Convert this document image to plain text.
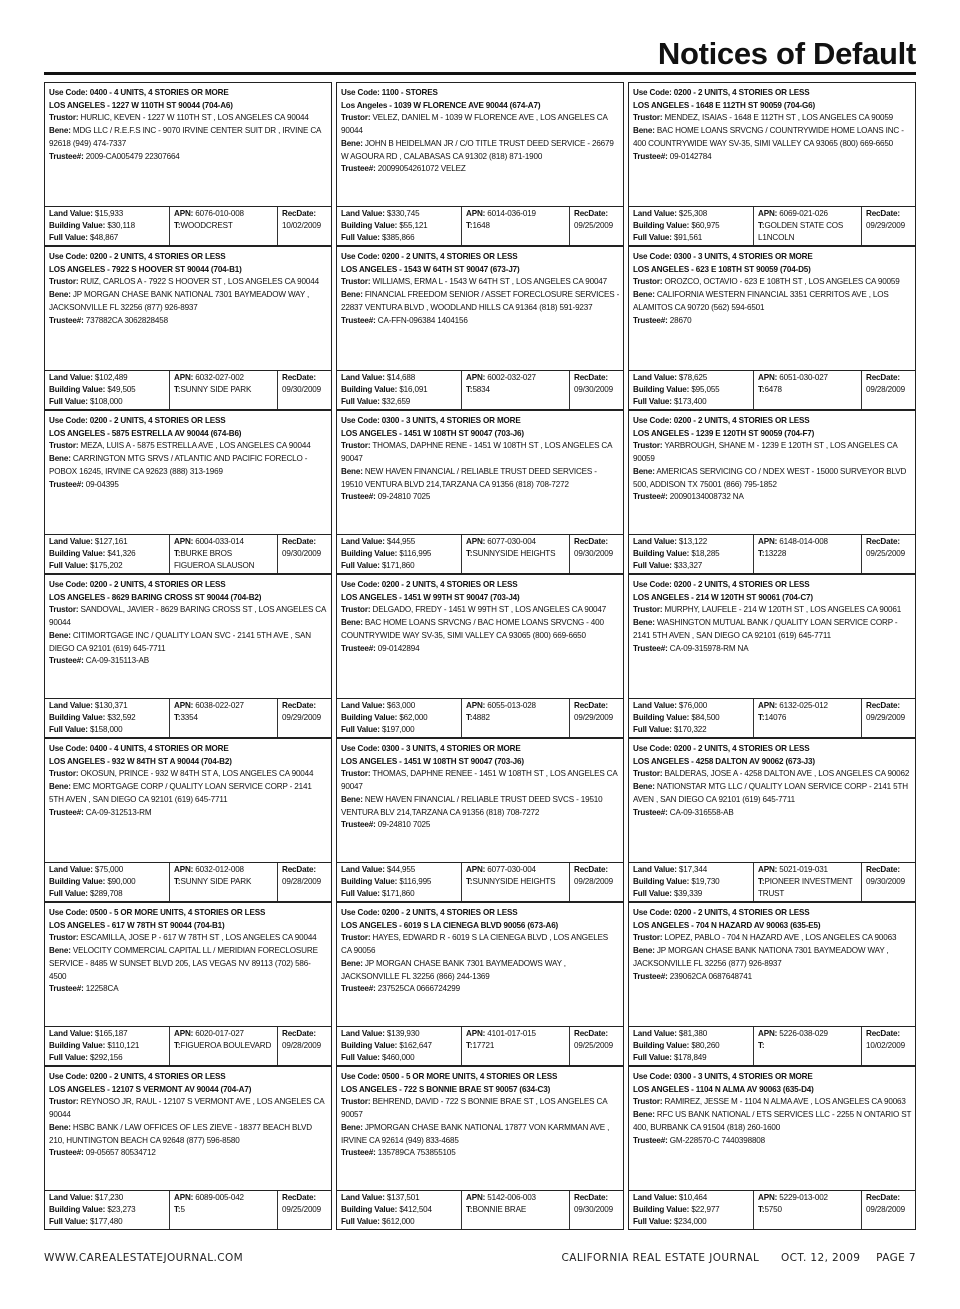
Notices of Default
Use Code: 0400 - 4 UNITS, 4 STORIES OR MORE
LOS ANGELES - 1227 W 110TH ST 90044 (704-A6)
Trustor: HURLIC, KEVEN - 1227 W 110TH ST , LOS ANGELES CA 90044
Bene: MDG LLC / R.E.F.S INC - 9070 IRVINE CENTER SUIT DR , IRVINE CA 92618 (949) 474-7337
Trustee#: 2009-CA005479 22307664
Land Value: $15,933
Building Value: $30,118
Full Value: $48,867
APN: 6076-010-008
T:WOODCREST
RecDate:
10/02/2009
Use Code: 1100 - STORES
Los Angeles - 1039 W FLORENCE AVE 90044 (674-A7)
Trustor: VELEZ, DANIEL M - 1039 W FLORENCE AVE , LOS ANGELES CA 90044
Bene: JOHN B HEIDELMAN JR / C/O TITLE TRUST DEED SERVICE - 26679 W AGOURA RD , CALABASAS CA 91302 (818) 871-1900
Trustee#: 20099054261072 VELEZ
Land Value: $330,745
Building Value: $55,121
Full Value: $385,866
APN: 6014-036-019
T:1648
RecDate:
09/25/2009
Use Code: 0200 - 2 UNITS, 4 STORIES OR LESS
LOS ANGELES - 1648 E 112TH ST 90059 (704-G6)
Trustor: MENDEZ, ISAIAS - 1648 E 112TH ST , LOS ANGELES CA 90059
Bene: BAC HOME LOANS SRVCNG / COUNTRYWIDE HOME LOANS INC - 400 COUNTRYWIDE WAY SV-35, SIMI VALLEY CA 93065 (800) 669-6650
Trustee#: 09-0142784
Land Value: $25,308
Building Value: $60,975
Full Value: $91,561
APN: 6069-021-026
T:GOLDEN STATE COS L1NCOLN
RecDate:
09/29/2009
Use Code: 0200 - 2 UNITS, 4 STORIES OR LESS
LOS ANGELES - 7922 S HOOVER ST 90044 (704-B1)
Trustor: RUIZ, CARLOS A - 7922 S HOOVER ST , LOS ANGELES CA 90044
Bene: JP MORGAN CHASE BANK NATIONAL 7301 BAYMEADOW WAY , JACKSONVILLE FL 32256 (877) 926-8937
Trustee#: 737882CA 3062828458
Land Value: $102,489
Building Value: $49,505
Full Value: $108,000
APN: 6032-027-002
T:SUNNY SIDE PARK
RecDate:
09/30/2009
Use Code: 0200 - 2 UNITS, 4 STORIES OR LESS
LOS ANGELES - 1543 W 64TH ST 90047 (673-J7)
Trustor: WILLIAMS, ERMA L - 1543 W 64TH ST , LOS ANGELES CA 90047
Bene: FINANCIAL FREEDOM SENIOR / ASSET FORECLOSURE SERVICES - 22837 VENTURA BLVD , WOODLAND HILLS CA 91364 (818) 591-9237
Trustee#: CA-FFN-096384 1404156
Land Value: $14,688
Building Value: $16,091
Full Value: $32,659
APN: 6002-032-027
T:5834
RecDate:
09/30/2009
Use Code: 0300 - 3 UNITS, 4 STORIES OR MORE
LOS ANGELES - 623 E 108TH ST 90059 (704-D5)
Trustor: OROZCO, OCTAVIO - 623 E 108TH ST , LOS ANGELES CA 90059
Bene: CALIFORNIA WESTERN FINANCIAL 3351 CERRITOS AVE , LOS ALAMITOS CA 90720 (562) 594-6501
Trustee#: 28670
Land Value: $78,625
Building Value: $95,055
Full Value: $173,400
APN: 6051-030-027
T:6478
RecDate:
09/28/2009
Use Code: 0200 - 2 UNITS, 4 STORIES OR LESS
LOS ANGELES - 5875 ESTRELLA AV 90044 (674-B6)
Trustor: MEZA, LUIS A - 5875 ESTRELLA AVE , LOS ANGELES CA 90044
Bene: CARRINGTON MTG SRVS / ATLANTIC AND PACIFIC FORECLO - POBOX 16245, IRVINE CA 92623 (888) 313-1969
Trustee#: 09-04395
Land Value: $127,161
Building Value: $41,326
Full Value: $175,202
APN: 6004-033-014
T:BURKE BROS FIGUEROA SLAUSON
RecDate:
09/30/2009
Use Code: 0300 - 3 UNITS, 4 STORIES OR MORE
LOS ANGELES - 1451 W 108TH ST 90047 (703-J6)
Trustor: THOMAS, DAPHNE RENE - 1451 W 108TH ST , LOS ANGELES CA 90047
Bene: NEW HAVEN FINANCIAL / RELIABLE TRUST DEED SERVICES - 19510 VENTURA BLVD 214,TARZANA CA 91356 (818) 708-7272
Trustee#: 09-24810 7025
Land Value: $44,955
Building Value: $116,995
Full Value: $171,860
APN: 6077-030-004
T:SUNNYSIDE HEIGHTS
RecDate:
09/30/2009
Use Code: 0200 - 2 UNITS, 4 STORIES OR LESS
LOS ANGELES - 1239 E 120TH ST 90059 (704-F7)
Trustor: YARBROUGH, SHANE M - 1239 E 120TH ST , LOS ANGELES CA 90059
Bene: AMERICAS SERVICING CO / NDEX WEST - 15000 SURVEYOR BLVD 500, ADDISON TX 75001 (866) 795-1852
Trustee#: 20090134008732 NA
Land Value: $13,122
Building Value: $18,285
Full Value: $33,327
APN: 6148-014-008
T:13228
RecDate:
09/25/2009
Use Code: 0200 - 2 UNITS, 4 STORIES OR LESS
LOS ANGELES - 8629 BARING CROSS ST 90044 (704-B2)
Trustor: SANDOVAL, JAVIER - 8629 BARING CROSS ST , LOS ANGELES CA 90044
Bene: CITIMORTGAGE INC / QUALITY LOAN SVC - 2141 5TH AVE , SAN DIEGO CA 92101 (619) 645-7711
Trustee#: CA-09-315113-AB
Land Value: $130,371
Building Value: $32,592
Full Value: $158,000
APN: 6038-022-027
T:3354
RecDate:
09/29/2009
Use Code: 0200 - 2 UNITS, 4 STORIES OR LESS
LOS ANGELES - 1451 W 99TH ST 90047 (703-J4)
Trustor: DELGADO, FREDY - 1451 W 99TH ST , LOS ANGELES CA 90047
Bene: BAC HOME LOANS SRVCNG / BAC HOME LOANS SRVCNG - 400 COUNTRYWIDE WAY SV-35, SIMI VALLEY CA 93065 (800) 669-6650
Trustee#: 09-0142894
Land Value: $63,000
Building Value: $62,000
Full Value: $197,000
APN: 6055-013-028
T:4882
RecDate:
09/29/2009
Use Code: 0200 - 2 UNITS, 4 STORIES OR LESS
LOS ANGELES - 214 W 120TH ST 90061 (704-C7)
Trustor: MURPHY, LAUFELE - 214 W 120TH ST , LOS ANGELES CA 90061
Bene: WASHINGTON MUTUAL BANK / QUALITY LOAN SERVICE CORP - 2141 5TH AVEN , SAN DIEGO CA 92101 (619) 645-7711
Trustee#: CA-09-315978-RM NA
Land Value: $76,000
Building Value: $84,500
Full Value: $170,322
APN: 6132-025-012
T:14076
RecDate:
09/29/2009
Use Code: 0400 - 4 UNITS, 4 STORIES OR MORE
LOS ANGELES - 932 W 84TH ST A 90044 (704-B2)
Trustor: OKOSUN, PRINCE - 932 W 84TH ST A, LOS ANGELES CA 90044
Bene: EMC MORTGAGE CORP / QUALITY LOAN SERVICE CORP - 2141 5TH AVEN , SAN DIEGO CA 92101 (619) 645-7711
Trustee#: CA-09-312513-RM
Land Value: $75,000
Building Value: $90,000
Full Value: $289,708
APN: 6032-012-008
T:SUNNY SIDE PARK
RecDate:
09/28/2009
Use Code: 0300 - 3 UNITS, 4 STORIES OR MORE
LOS ANGELES - 1451 W 108TH ST 90047 (703-J6)
Trustor: THOMAS, DAPHNE RENEE - 1451 W 108TH ST , LOS ANGELES CA 90047
Bene: NEW HAVEN FINANCIAL / RELIABLE TRUST DEED SVCS - 19510 VENTURA BLV 214,TARZANA CA 91356 (818) 708-7272
Trustee#: 09-24810 7025
Land Value: $44,955
Building Value: $116,995
Full Value: $171,860
APN: 6077-030-004
T:SUNNYSIDE HEIGHTS
RecDate:
09/28/2009
Use Code: 0200 - 2 UNITS, 4 STORIES OR LESS
LOS ANGELES - 4258 DALTON AV 90062 (673-J3)
Trustor: BALDERAS, JOSE A - 4258 DALTON AVE , LOS ANGELES CA 90062
Bene: NATIONSTAR MTG LLC / QUALITY LOAN SERVICE CORP - 2141 5TH AVEN , SAN DIEGO CA 92101 (619) 645-7711
Trustee#: CA-09-316558-AB
Land Value: $17,344
Building Value: $19,730
Full Value: $39,339
APN: 5021-019-031
T:PIONEER INVESTMENT TRUST
RecDate:
09/30/2009
Use Code: 0500 - 5 OR MORE UNITS, 4 STORIES OR LESS
LOS ANGELES - 617 W 78TH ST 90044 (704-B1)
Trustor: ESCAMILLA, JOSE P - 617 W 78TH ST , LOS ANGELES CA 90044
Bene: VELOCITY COMMERCIAL CAPITAL LL / MERIDIAN FORECLOSURE SERVICE - 8485 W SUNSET BLVD 205, LAS VEGAS NV 89113 (702) 586-4500
Trustee#: 12258CA
Land Value: $165,187
Building Value: $110,121
Full Value: $292,156
APN: 6020-017-027
T:FIGUEROA BOULEVARD
RecDate:
09/28/2009
Use Code: 0200 - 2 UNITS, 4 STORIES OR LESS
LOS ANGELES - 6019 S LA CIENEGA BLVD 90056 (673-A6)
Trustor: HAYES, EDWARD R - 6019 S LA CIENEGA BLVD , LOS ANGELES CA 90056
Bene: JP MORGAN CHASE BANK 7301 BAYMEADOWS WAY , JACKSONVILLE FL 32256 (866) 244-1369
Trustee#: 237525CA 0666724299
Land Value: $139,930
Building Value: $162,647
Full Value: $460,000
APN: 4101-017-015
T:17721
RecDate:
09/25/2009
Use Code: 0200 - 2 UNITS, 4 STORIES OR LESS
LOS ANGELES - 704 N HAZARD AV 90063 (635-E5)
Trustor: LOPEZ, PABLO - 704 N HAZARD AVE , LOS ANGELES CA 90063
Bene: JP MORGAN CHASE BANK NATIONA 7301 BAYMEADOW WAY , JACKSONVILLE FL 32256 (877) 926-8937
Trustee#: 239062CA 0687648741
Land Value: $81,380
Building Value: $80,260
Full Value: $178,849
APN: 5226-038-029
T:
RecDate:
10/02/2009
Use Code: 0200 - 2 UNITS, 4 STORIES OR LESS
LOS ANGELES - 12107 S VERMONT AV 90044 (704-A7)
Trustor: REYNOSO JR, RAUL - 12107 S VERMONT AVE , LOS ANGELES CA 90044
Bene: HSBC BANK / LAW OFFICES OF LES ZIEVE - 18377 BEACH BLVD 210, HUNTINGTON BEACH CA 92648 (877) 596-8580
Trustee#: 09-05657 80534712
Land Value: $17,230
Building Value: $23,273
Full Value: $177,480
APN: 6089-005-042
T:5
RecDate:
09/25/2009
Use Code: 0500 - 5 OR MORE UNITS, 4 STORIES OR LESS
LOS ANGELES - 722 S BONNIE BRAE ST 90057 (634-C3)
Trustor: BEHREND, DAVID - 722 S BONNIE BRAE ST , LOS ANGELES CA 90057
Bene: JPMORGAN CHASE BANK NATIONAL 17877 VON KARMMAN AVE , IRVINE CA 92614 (949) 833-4685
Trustee#: 135789CA 753855105
Land Value: $137,501
Building Value: $412,504
Full Value: $612,000
APN: 5142-006-003
T:BONNIE BRAE
RecDate:
09/30/2009
Use Code: 0300 - 3 UNITS, 4 STORIES OR MORE
LOS ANGELES - 1104 N ALMA AV 90063 (635-D4)
Trustor: RAMIREZ, JESSE M - 1104 N ALMA AVE , LOS ANGELES CA 90063
Bene: RFC US BANK NATIONAL / ETS SERVICES LLC - 2255 N ONTARIO ST 400, BURBANK CA 91504 (818) 260-1600
Trustee#: GM-228570-C 7440398808
Land Value: $10,464
Building Value: $22,977
Full Value: $234,000
APN: 5229-013-002
T:5750
RecDate:
09/28/2009
WWW.CAREALESTATEJOURNAL.COM	CALIFORNIA REAL ESTATE JOURNAL OCT. 12, 2009 PAGE 7
